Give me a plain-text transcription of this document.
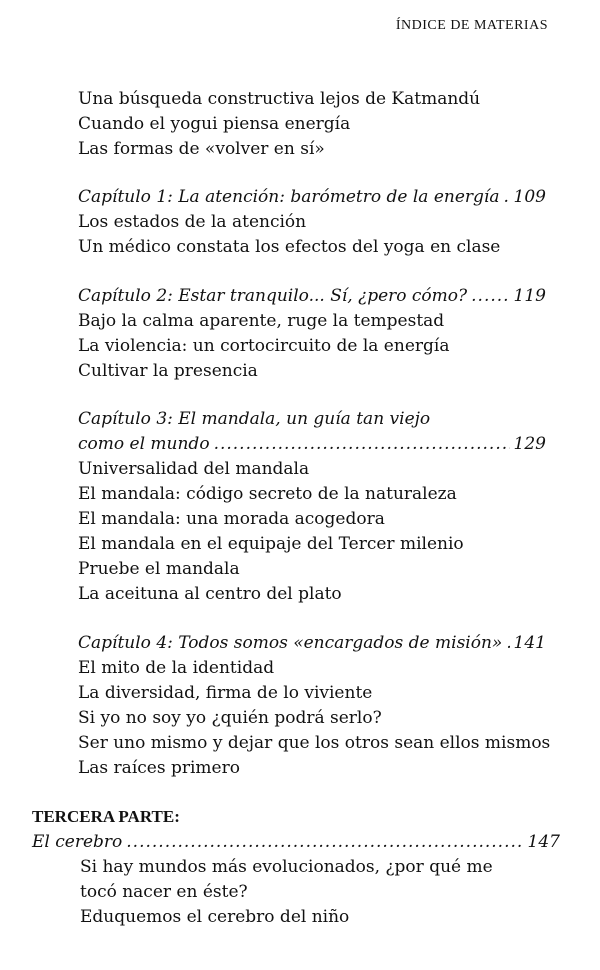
ÍNDICE DE MATERIAS
Una búsqueda constructiva lejos de Katmandú
Cuando el yogui piensa energía
Las formas de «volver en sí»
Capítulo 1: La atención: barómetro de la energía ..... 109
Los estados de la atención
Un médico constata los efectos del yoga en clase
Capítulo 2: Estar tranquilo... Sí, ¿pero cómo? .....	119
Bajo la calma aparente, ruge la tempestad
La violencia: un cortocircuito de la energía
Cultivar la presencia
Capítulo 3: El mandala, un guía tan viejo
como el mundo .....	129
Universalidad del mandala
El mandala: código secreto de la naturaleza
El mandala: una morada acogedora
El mandala en el equipaje del Tercer milenio
Pruebe el mandala
La aceituna al centro del plato
Capítulo 4: Todos somos «encargados de misión» ..... 141
El mito de la identidad
La diversidad, firma de lo viviente
Si yo no soy yo ¿quién podrá serlo?
Ser uno mismo y dejar que los otros sean ellos mismos
Las raíces primero
TERCERA PARTE:
El cerebro .....	147
Si hay mundos más evolucionados, ¿por qué me
tocó nacer en éste?
Eduquemos el cerebro del niño
